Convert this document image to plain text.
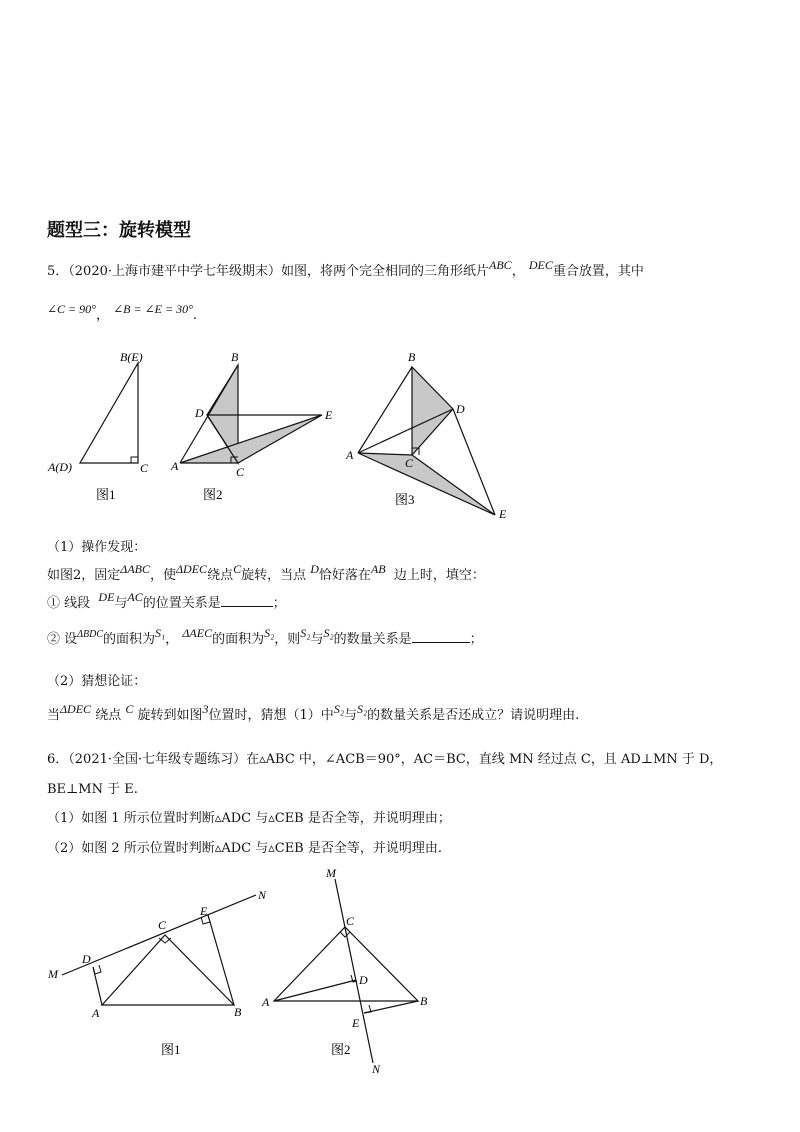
题型三：旋转模型
5．（2020·上海市建平中学七年级期末）如图，将两个完全相同的三角形纸片ABC， DEC重合放置，其中
∠C = 90°， ∠B = ∠E = 30°.
B(E)
A(D)	C
图1
B
D	E
A	C
图2
B
D
A
C
E
图3
（1）操作发现：
如图2，固定ΔABC，使ΔDEC绕点C旋转，当点 D恰好落在AB 边上时，填空：
① 线段 DE与AC的位置关系是	；
② 设$^{\Delta BDC}$的面积为S₁， ΔAEC的面积为S₂，则S₂与S₂的数量关系是	；
（2）猜想论证：
当ΔDEC 绕点 C 旋转到如图3位置时，猜想（1）中S₂与S₂的数量关系是否还成立？请说明理由.
6．（2021·全国·七年级专题练习）在▵ABC 中，∠ACB＝90°，AC＝BC，直线 MN 经过点 C，且 AD⊥MN 于 D，
BE⊥MN 于 E.
（1）如图 1 所示位置时判断▵ADC 与▵CEB 是否全等，并说明理由；
（2）如图 2 所示位置时判断▵ADC 与▵CEB 是否全等，并说明理由.
M
D
C
E
N
A	B
图1
M
C
D
A	B
E
N
图2
